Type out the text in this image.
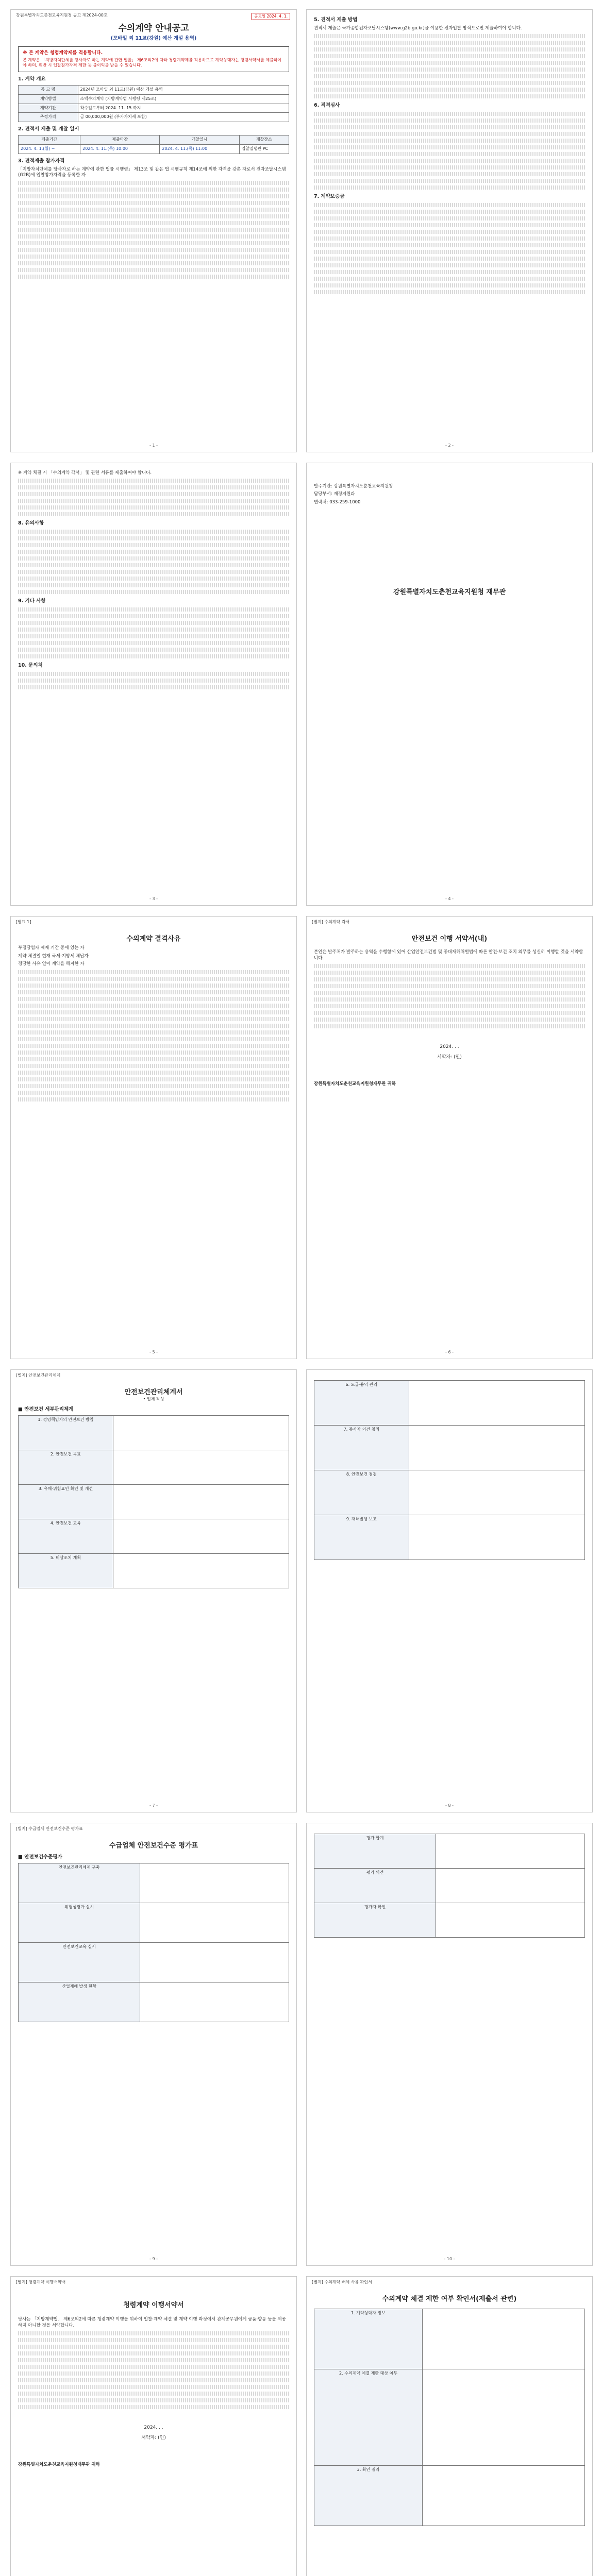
강원특별자치도춘천교육지원청 공고 제2024-00호	공고일 2024. 4. 1.
수의계약 안내공고
(모바일 외 11교(강원) 예산 개설 용역)
※ 본 계약은 청렴계약제를 적용합니다.
본 계약은 「지방자치단체를 당사자로 하는 계약에 관한 법률」 제6조의2에 따라 청렴계약제를 적용하므로 계약상대자는 청렴서약서를 제출하여야 하며, 위반 시 입찰참가자격 제한 등 불이익을 받을 수 있습니다.
1. 계약 개요
공 고 명	2024년 모바일 외 11교(강원) 예산 개설 용역
계약방법	소액수의계약 (지방계약법 시행령 제25조)
계약기간	착수일로부터 2024. 11. 15.까지
추정가격	금 00,000,000원 (부가가치세 포함)
2. 견적서 제출 및 개찰 일시
제출기간	제출마감	개찰일시	개찰장소
2024. 4. 1.(월) ~	2024. 4. 11.(목) 10:00	2024. 4. 11.(목) 11:00	입찰집행관 PC
3. 견적제출 참가자격
「지방자치단체를 당사자로 하는 계약에 관한 법률 시행령」 제13조 및 같은 법 시행규칙 제14조에 의한 자격을 갖춘 자로서 전자조달시스템(G2B)에 입찰참가자격을 등록한 자
- 1 -
5. 견적서 제출 방법
견적서 제출은 국가종합전자조달시스템(www.g2b.go.kr)을 이용한 전자입찰 방식으로만 제출하여야 합니다.
6. 적격심사
7. 계약보증금
- 2 -
※ 계약 체결 시 「수의계약 각서」 및 관련 서류를 제출하여야 합니다.
8. 유의사항
9. 기타 사항
10. 문의처
- 3 -
발주기관: 강원특별자치도춘천교육지원청
담당부서: 재정지원과
연락처: 033-259-1000
강원특별자치도춘천교육지원청 재무관
- 4 -
[별표 1]
수의계약 결격사유
부정당업자 제재 기간 중에 있는 자
계약 체결일 현재 국세·지방세 체납자
정당한 사유 없이 계약을 해지한 자
- 5 -
[별지] 수의계약 각서
안전보건 이행 서약서(내)
본인은 발주처가 발주하는 용역을 수행함에 있어 산업안전보건법 및 중대재해처벌법에 따른 안전·보건 조치 의무를 성실히 이행할 것을 서약합니다.
2024. . .
서약자: (인)
강원특별자치도춘천교육지원청재무관 귀하
- 6 -
[별지] 안전보건관리체계
안전보건관리체계서
• 업체 작성
■ 안전보건 세부관리체계
1. 경영책임자의 안전보건 방침	
2. 안전보건 목표	
3. 유해·위험요인 확인 및 개선	
4. 안전보건 교육	
5. 비상조치 계획	
- 7 -
6. 도급·용역 관리	
7. 종사자 의견 청취	
8. 안전보건 점검	
9. 재해발생 보고	
- 8 -
[별지] 수급업체 안전보건수준 평가표
수급업체 안전보건수준 평가표
■ 안전보건수준평가
안전보건관리체계 구축	
위험성평가 실시	
안전보건교육 실시	
산업재해 발생 현황	
- 9 -
평가 합계	
평가 의견	
평가자 확인	
- 10 -
[별지] 청렴계약 이행서약서
청렴계약 이행서약서
당사는 「지방계약법」 제6조의2에 따른 청렴계약 이행을 위하여 입찰·계약 체결 및 계약 이행 과정에서 관계공무원에게 금품·향응 등을 제공하지 아니할 것을 서약합니다.
2024. . .
서약자: (인)
강원특별자치도춘천교육지원청재무관 귀하
[별지] 수의계약 배제 사유 확인서
수의계약 체결 제한 여부 확인서(제출서 관련)
1. 계약상대자 정보	
2. 수의계약 체결 제한 대상 여부	
3. 확인 결과	
